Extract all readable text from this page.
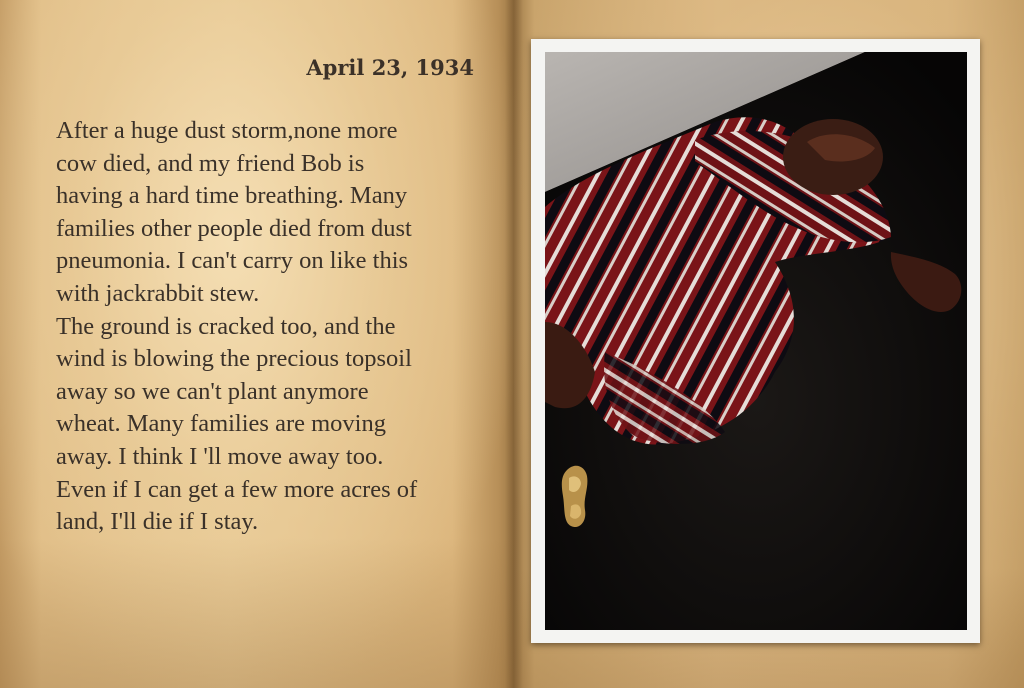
April 23, 1934
After a huge dust storm,none more
cow died, and my friend Bob is
having a hard time breathing. Many
families other people died from dust
pneumonia. I can't carry on like this
with jackrabbit stew.
The ground is cracked too, and the
wind is blowing the precious topsoil
away so we can't plant anymore
wheat. Many families are moving
away. I think I 'll move away too.
Even if I can get a few more acres of
land, I'll die if I stay.
